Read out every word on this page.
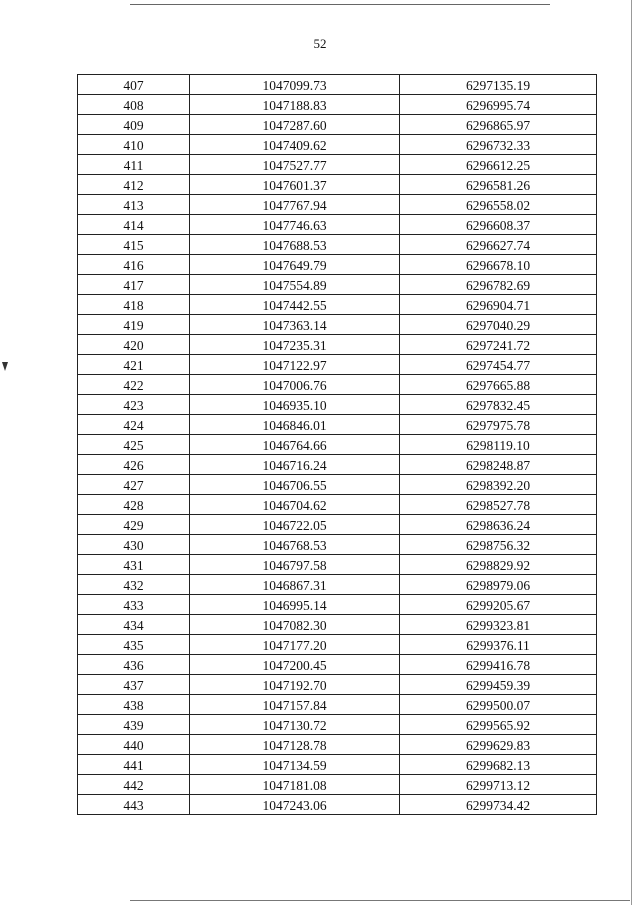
52
407	1047099.73	6297135.19
408	1047188.83	6296995.74
409	1047287.60	6296865.97
410	1047409.62	6296732.33
411	1047527.77	6296612.25
412	1047601.37	6296581.26
413	1047767.94	6296558.02
414	1047746.63	6296608.37
415	1047688.53	6296627.74
416	1047649.79	6296678.10
417	1047554.89	6296782.69
418	1047442.55	6296904.71
419	1047363.14	6297040.29
420	1047235.31	6297241.72
421	1047122.97	6297454.77
422	1047006.76	6297665.88
423	1046935.10	6297832.45
424	1046846.01	6297975.78
425	1046764.66	6298119.10
426	1046716.24	6298248.87
427	1046706.55	6298392.20
428	1046704.62	6298527.78
429	1046722.05	6298636.24
430	1046768.53	6298756.32
431	1046797.58	6298829.92
432	1046867.31	6298979.06
433	1046995.14	6299205.67
434	1047082.30	6299323.81
435	1047177.20	6299376.11
436	1047200.45	6299416.78
437	1047192.70	6299459.39
438	1047157.84	6299500.07
439	1047130.72	6299565.92
440	1047128.78	6299629.83
441	1047134.59	6299682.13
442	1047181.08	6299713.12
443	1047243.06	6299734.42
